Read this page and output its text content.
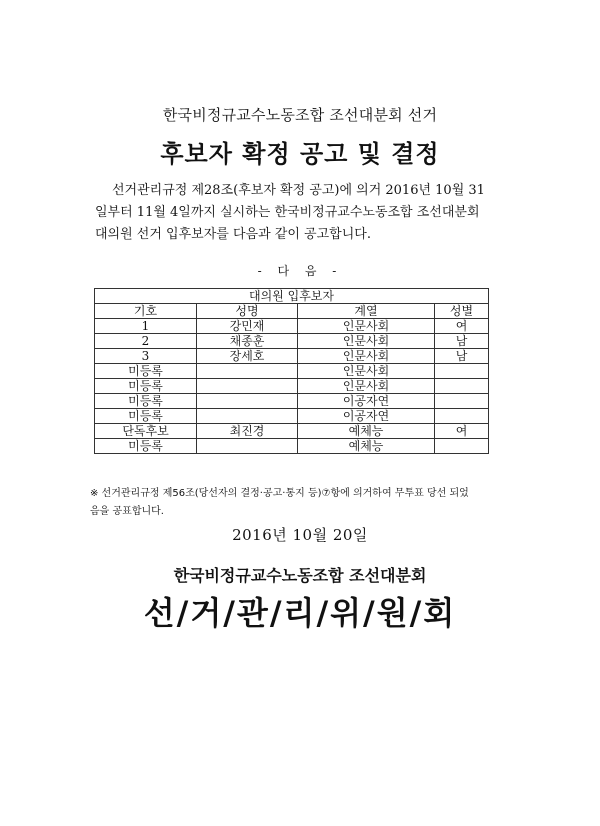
한국비정규교수노동조합 조선대분회 선거
후보자 확정 공고 및 결정
선거관리규정 제28조(후보자 확정 공고)에 의거 2016년 10월 31
일부터 11월 4일까지 실시하는 한국비정규교수노동조합 조선대분회
대의원 선거 입후보자를 다음과 같이 공고합니다.
- 다 음 -
대의원 입후보자			
기호	성명	계열	성별
1	강민재	인문사회	여
2	채종훈	인문사회	남
3	장세호	인문사회	남
미등록		인문사회	
미등록		인문사회	
미등록		이공자연	
미등록		이공자연	
단독후보	최진경	예체능	여
미등록		예체능	
※ 선거관리규정 제56조(당선자의 결정·공고·통지 등)⑦항에 의거하여 무투표 당선 되었
음을 공표합니다.
2016년 10월 20일
한국비정규교수노동조합 조선대분회
선/거/관/리/위/원/회
